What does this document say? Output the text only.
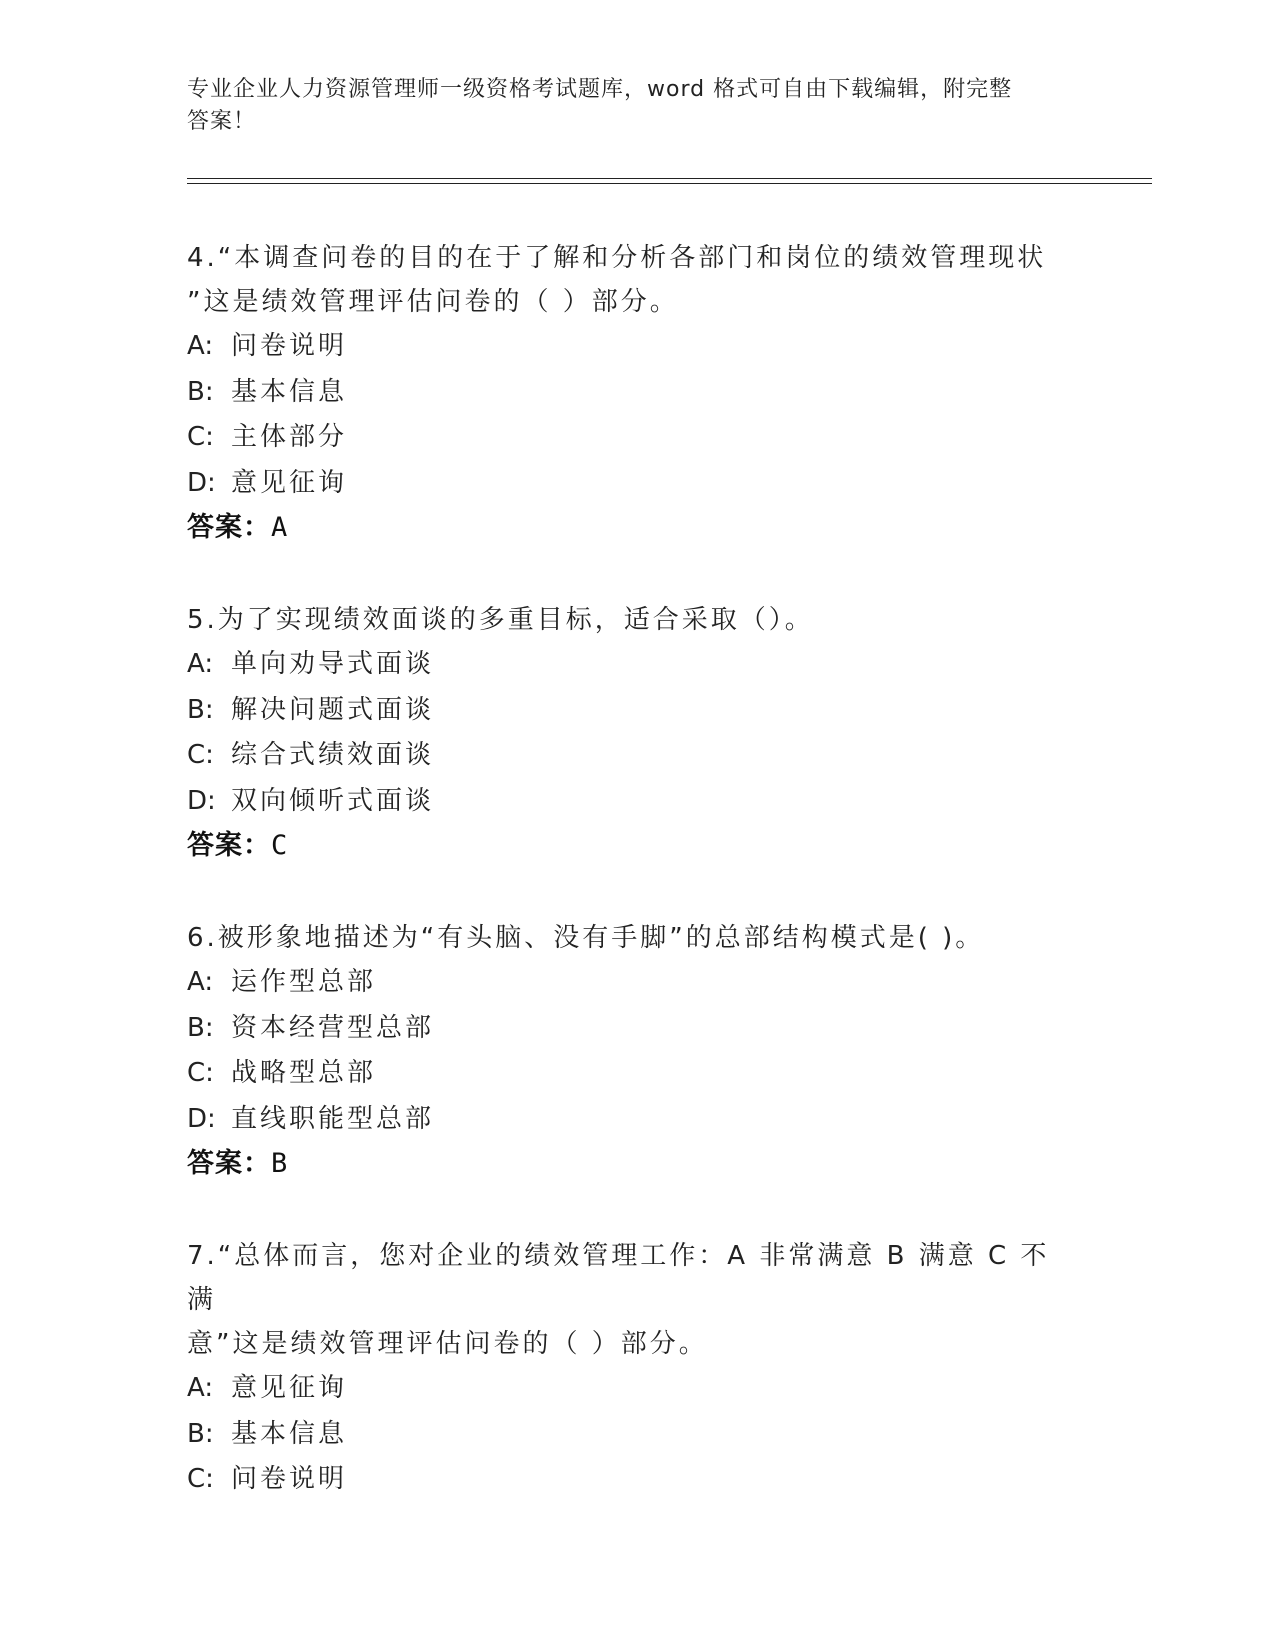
专业企业人力资源管理师一级资格考试题库，word 格式可自由下载编辑，附完整
答案！
4.“本调查问卷的目的在于了解和分析各部门和岗位的绩效管理现状
”这是绩效管理评估问卷的（ ）部分。
A: 问卷说明
B: 基本信息
C: 主体部分
D: 意见征询
答案：A
5.为了实现绩效面谈的多重目标，适合采取（）。
A: 单向劝导式面谈
B: 解决问题式面谈
C: 综合式绩效面谈
D: 双向倾听式面谈
答案：C
6.被形象地描述为“有头脑、没有手脚”的总部结构模式是( )。
A: 运作型总部
B: 资本经营型总部
C: 战略型总部
D: 直线职能型总部
答案：B
7.“总体而言，您对企业的绩效管理工作：A 非常满意 B 满意 C 不满
意”这是绩效管理评估问卷的（ ）部分。
A: 意见征询
B: 基本信息
C: 问卷说明
